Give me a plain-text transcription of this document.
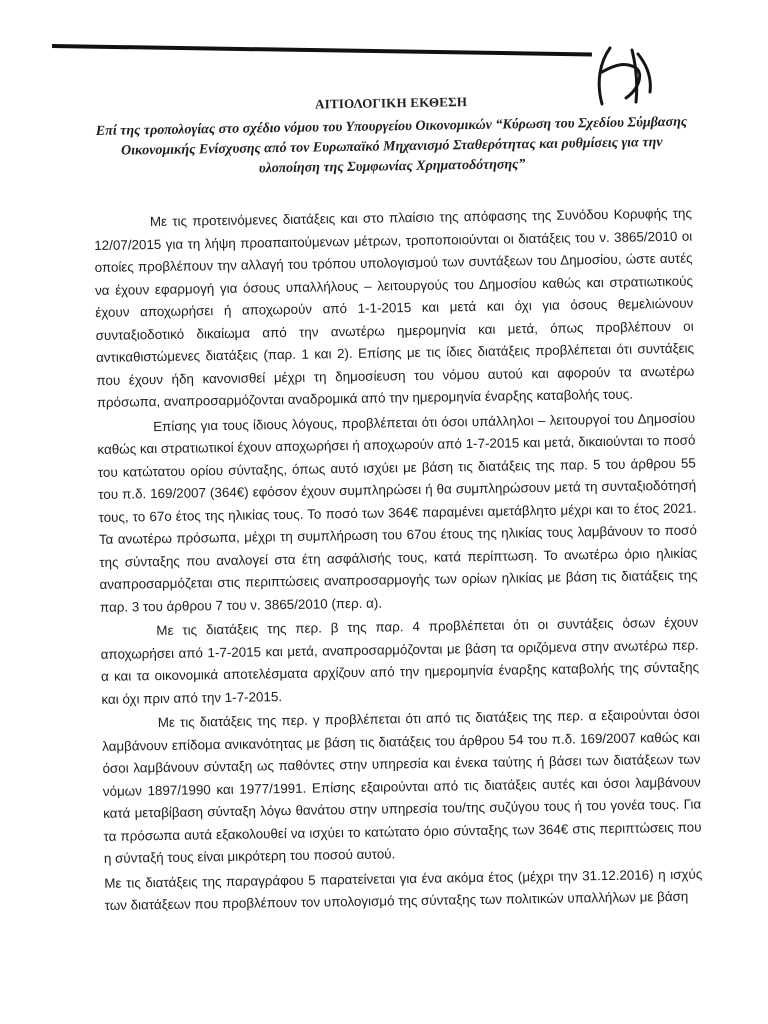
ΑΙΤΙΟΛΟΓΙΚΗ ΕΚΘΕΣΗ

Επί της τροπολογίας στο σχέδιο νόμου του Υπουργείου Οικονομικών “Κύρωση του Σχεδίου Σύμβασης Οικονομικής Ενίσχυσης από τον Ευρωπαϊκό Μηχανισμό Σταθερότητας και ρυθμίσεις για την υλοποίηση της Συμφωνίας Χρηματοδότησης”

Με τις προτεινόμενες διατάξεις και στο πλαίσιο της απόφασης της Συνόδου Κορυφής της 12/07/2015 για τη λήψη προαπαιτούμενων μέτρων, τροποποιούνται οι διατάξεις του ν. 3865/2010 οι οποίες προβλέπουν την αλλαγή του τρόπου υπολογισμού των συντάξεων του Δημοσίου, ώστε αυτές να έχουν εφαρμογή για όσους υπαλλήλους – λειτουργούς του Δημοσίου καθώς και στρατιωτικούς έχουν αποχωρήσει ή αποχωρούν από 1-1-2015 και μετά και όχι για όσους θεμελιώνουν συνταξιοδοτικό δικαίωμα από την ανωτέρω ημερομηνία και μετά, όπως προβλέπουν οι αντικαθιστώμενες διατάξεις (παρ. 1 και 2). Επίσης με τις ίδιες διατάξεις προβλέπεται ότι συντάξεις που έχουν ήδη κανονισθεί μέχρι τη δημοσίευση του νόμου αυτού και αφορούν τα ανωτέρω πρόσωπα, αναπροσαρμόζονται αναδρομικά από την ημερομηνία έναρξης καταβολής τους.

Επίσης για τους ίδιους λόγους, προβλέπεται ότι όσοι υπάλληλοι – λειτουργοί του Δημοσίου καθώς και στρατιωτικοί έχουν αποχωρήσει ή αποχωρούν από 1-7-2015 και μετά, δικαιούνται το ποσό του κατώτατου ορίου σύνταξης, όπως αυτό ισχύει με βάση τις διατάξεις της παρ. 5 του άρθρου 55 του π.δ. 169/2007 (364€) εφόσον έχουν συμπληρώσει ή θα συμπληρώσουν μετά τη συνταξιοδότησή τους, το 67ο έτος της ηλικίας τους. Το ποσό των 364€ παραμένει αμετάβλητο μέχρι και το έτος 2021. Τα ανωτέρω πρόσωπα, μέχρι τη συμπλήρωση του 67ου έτους της ηλικίας τους λαμβάνουν το ποσό της σύνταξης που αναλογεί στα έτη ασφάλισής τους, κατά περίπτωση. Το ανωτέρω όριο ηλικίας αναπροσαρμόζεται στις περιπτώσεις αναπροσαρμογής των ορίων ηλικίας με βάση τις διατάξεις της παρ. 3 του άρθρου 7 του ν. 3865/2010 (περ. α).

Με τις διατάξεις της περ. β της παρ. 4 προβλέπεται ότι οι συντάξεις όσων έχουν αποχωρήσει από 1-7-2015 και μετά, αναπροσαρμόζονται με βάση τα οριζόμενα στην ανωτέρω περ. α και τα οικονομικά αποτελέσματα αρχίζουν από την ημερομηνία έναρξης καταβολής της σύνταξης και όχι πριν από την 1-7-2015.

Με τις διατάξεις της περ. γ προβλέπεται ότι από τις διατάξεις της περ. α εξαιρούνται όσοι λαμβάνουν επίδομα ανικανότητας με βάση τις διατάξεις του άρθρου 54 του π.δ. 169/2007 καθώς και όσοι λαμβάνουν σύνταξη ως παθόντες στην υπηρεσία και ένεκα ταύτης ή βάσει των διατάξεων των νόμων 1897/1990 και 1977/1991. Επίσης εξαιρούνται από τις διατάξεις αυτές και όσοι λαμβάνουν κατά μεταβίβαση σύνταξη λόγω θανάτου στην υπηρεσία του/της συζύγου τους ή του γονέα τους. Για τα πρόσωπα αυτά εξακολουθεί να ισχύει το κατώτατο όριο σύνταξης των 364€ στις περιπτώσεις που η σύνταξή τους είναι μικρότερη του ποσού αυτού.

Με τις διατάξεις της παραγράφου 5 παρατείνεται για ένα ακόμα έτος (μέχρι την 31.12.2016) η ισχύς των διατάξεων που προβλέπουν τον υπολογισμό της σύνταξης των πολιτικών υπαλλήλων με βάση
